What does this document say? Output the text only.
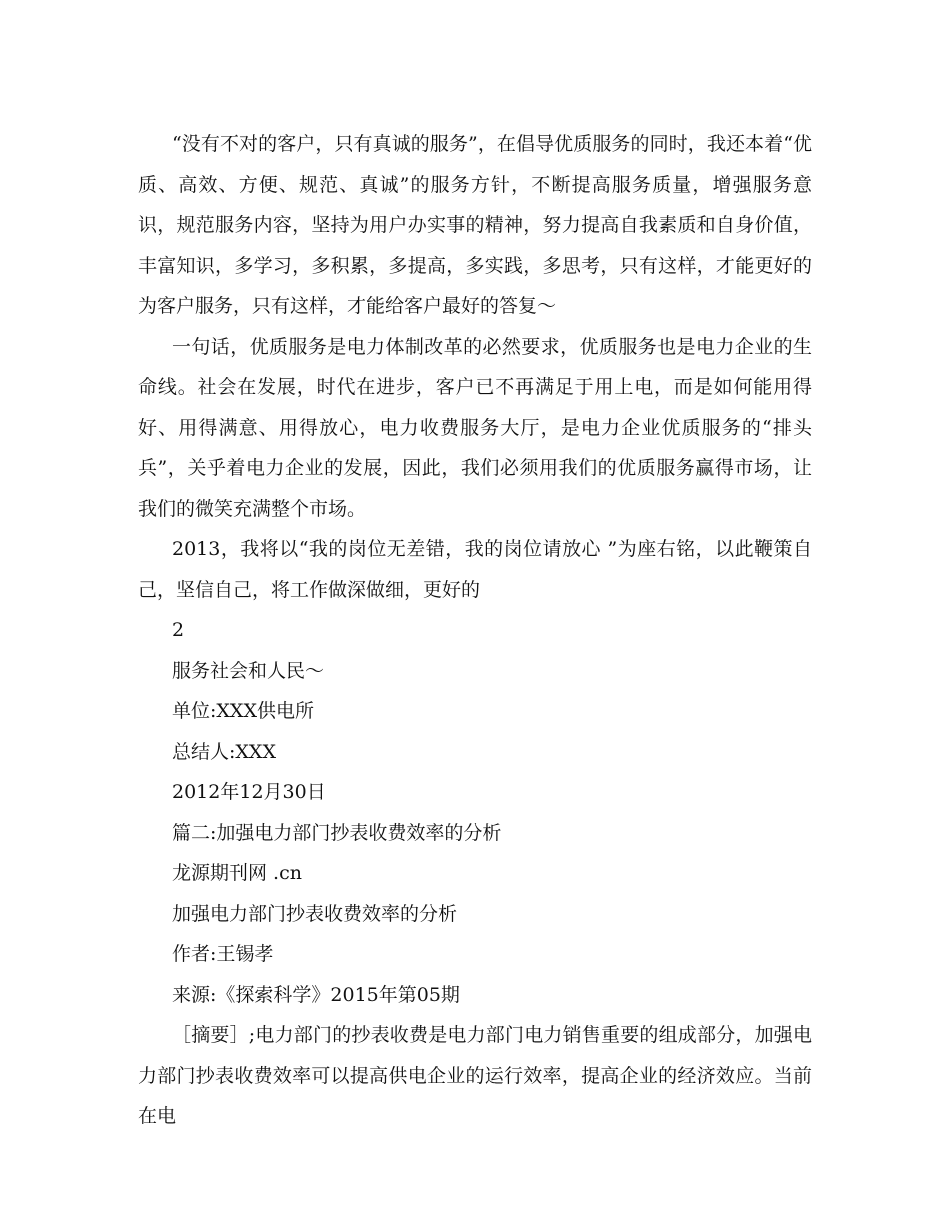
“没有不对的客户，只有真诚的服务”，在倡导优质服务的同时，我还本着“优质、高效、方便、规范、真诚”的服务方针，不断提高服务质量，增强服务意识，规范服务内容，坚持为用户办实事的精神，努力提高自我素质和自身价值，丰富知识，多学习，多积累，多提高，多实践，多思考，只有这样，才能更好的为客户服务，只有这样，才能给客户最好的答复～

一句话，优质服务是电力体制改革的必然要求，优质服务也是电力企业的生命线。社会在发展，时代在进步，客户已不再满足于用上电，而是如何能用得好、用得满意、用得放心，电力收费服务大厅，是电力企业优质服务的“排头兵”，关乎着电力企业的发展，因此，我们必须用我们的优质服务赢得市场，让我们的微笑充满整个市场。

2013，我将以“我的岗位无差错，我的岗位请放心 ”为座右铭，以此鞭策自己，坚信自己，将工作做深做细，更好的

2

服务社会和人民～

单位:XXX供电所

总结人:XXX

2012年12月30日

篇二:加强电力部门抄表收费效率的分析

龙源期刊网 .cn

加强电力部门抄表收费效率的分析

作者:王锡孝

来源:《探索科学》2015年第05期

［摘要］;电力部门的抄表收费是电力部门电力销售重要的组成部分，加强电力部门抄表收费效率可以提高供电企业的运行效率，提高企业的经济效应。当前在电
